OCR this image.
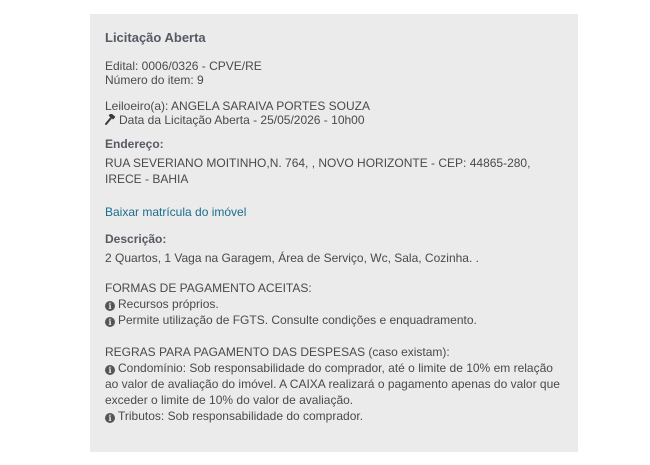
Licitação Aberta

Edital: 0006/0326 - CPVE/RE

Número do item: 9

Leiloeiro(a): ANGELA SARAIVA PORTES SOUZA

Data da Licitação Aberta - 25/05/2026 - 10h00

Endereço:

RUA SEVERIANO MOITINHO,N. 764, , NOVO HORIZONTE - CEP: 44865-280, IRECE - BAHIA

Baixar matrícula do imóvel
Descrição:

2 Quartos, 1 Vaga na Garagem, Área de Serviço, Wc, Sala, Cozinha. .

FORMAS DE PAGAMENTO ACEITAS:

i Recursos próprios.

i Permite utilização de FGTS. Consulte condições e enquadramento.

REGRAS PARA PAGAMENTO DAS DESPESAS (caso existam):

i Condomínio: Sob responsabilidade do comprador, até o limite de 10% em relação ao valor de avaliação do imóvel. A CAIXA realizará o pagamento apenas do valor que exceder o limite de 10% do valor de avaliação.

i Tributos: Sob responsabilidade do comprador.
